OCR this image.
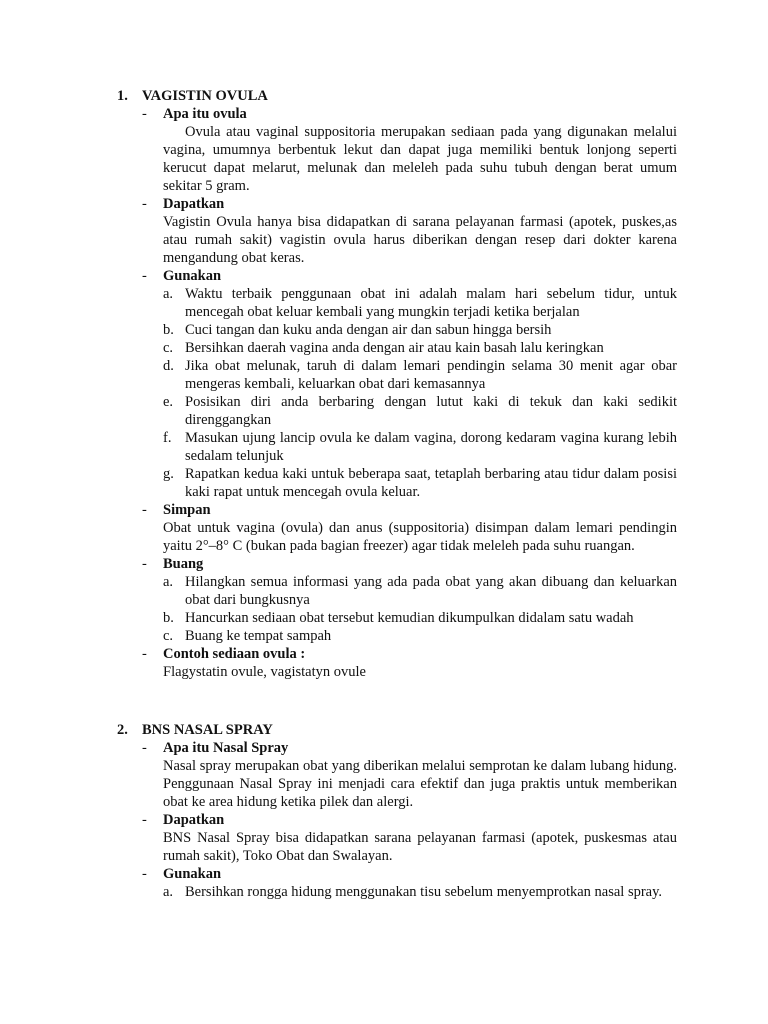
1. VAGISTIN OVULA
- Apa itu ovula
Ovula atau vaginal suppositoria merupakan sediaan pada yang digunakan melalui vagina, umumnya berbentuk lekut dan dapat juga memiliki bentuk lonjong seperti kerucut dapat melarut, melunak dan meleleh pada suhu tubuh dengan berat umum sekitar 5 gram.
- Dapatkan
Vagistin Ovula hanya bisa didapatkan di sarana pelayanan farmasi (apotek, puskes,as atau rumah sakit) vagistin ovula harus diberikan dengan resep dari dokter karena mengandung obat keras.
- Gunakan
a. Waktu terbaik penggunaan obat ini adalah malam hari sebelum tidur, untuk mencegah obat keluar kembali yang mungkin terjadi ketika berjalan
b. Cuci tangan dan kuku anda dengan air dan sabun hingga bersih
c. Bersihkan daerah vagina anda dengan air atau kain basah lalu keringkan
d. Jika obat melunak, taruh di dalam lemari pendingin selama 30 menit agar obar mengeras kembali, keluarkan obat dari kemasannya
e. Posisikan diri anda berbaring dengan lutut kaki di tekuk dan kaki sedikit direnggangkan
f. Masukan ujung lancip ovula ke dalam vagina, dorong kedaram vagina kurang lebih sedalam telunjuk
g. Rapatkan kedua kaki untuk beberapa saat, tetaplah berbaring atau tidur dalam posisi kaki rapat untuk mencegah ovula keluar.
- Simpan
Obat untuk vagina (ovula) dan anus (suppositoria) disimpan dalam lemari pendingin yaitu 2°–8° C (bukan pada bagian freezer) agar tidak meleleh pada suhu ruangan.
- Buang
a. Hilangkan semua informasi yang ada pada obat yang akan dibuang dan keluarkan obat dari bungkusnya
b. Hancurkan sediaan obat tersebut kemudian dikumpulkan didalam satu wadah
c. Buang ke tempat sampah
- Contoh sediaan ovula :
Flagystatin ovule, vagistatyn ovule
2. BNS NASAL SPRAY
- Apa itu Nasal Spray
Nasal spray merupakan obat yang diberikan melalui semprotan ke dalam lubang hidung. Penggunaan Nasal Spray ini menjadi cara efektif dan juga praktis untuk memberikan obat ke area hidung ketika pilek dan alergi.
- Dapatkan
BNS Nasal Spray bisa didapatkan sarana pelayanan farmasi (apotek, puskesmas atau rumah sakit), Toko Obat dan Swalayan.
- Gunakan
a. Bersihkan rongga hidung menggunakan tisu sebelum menyemprotkan nasal spray.
